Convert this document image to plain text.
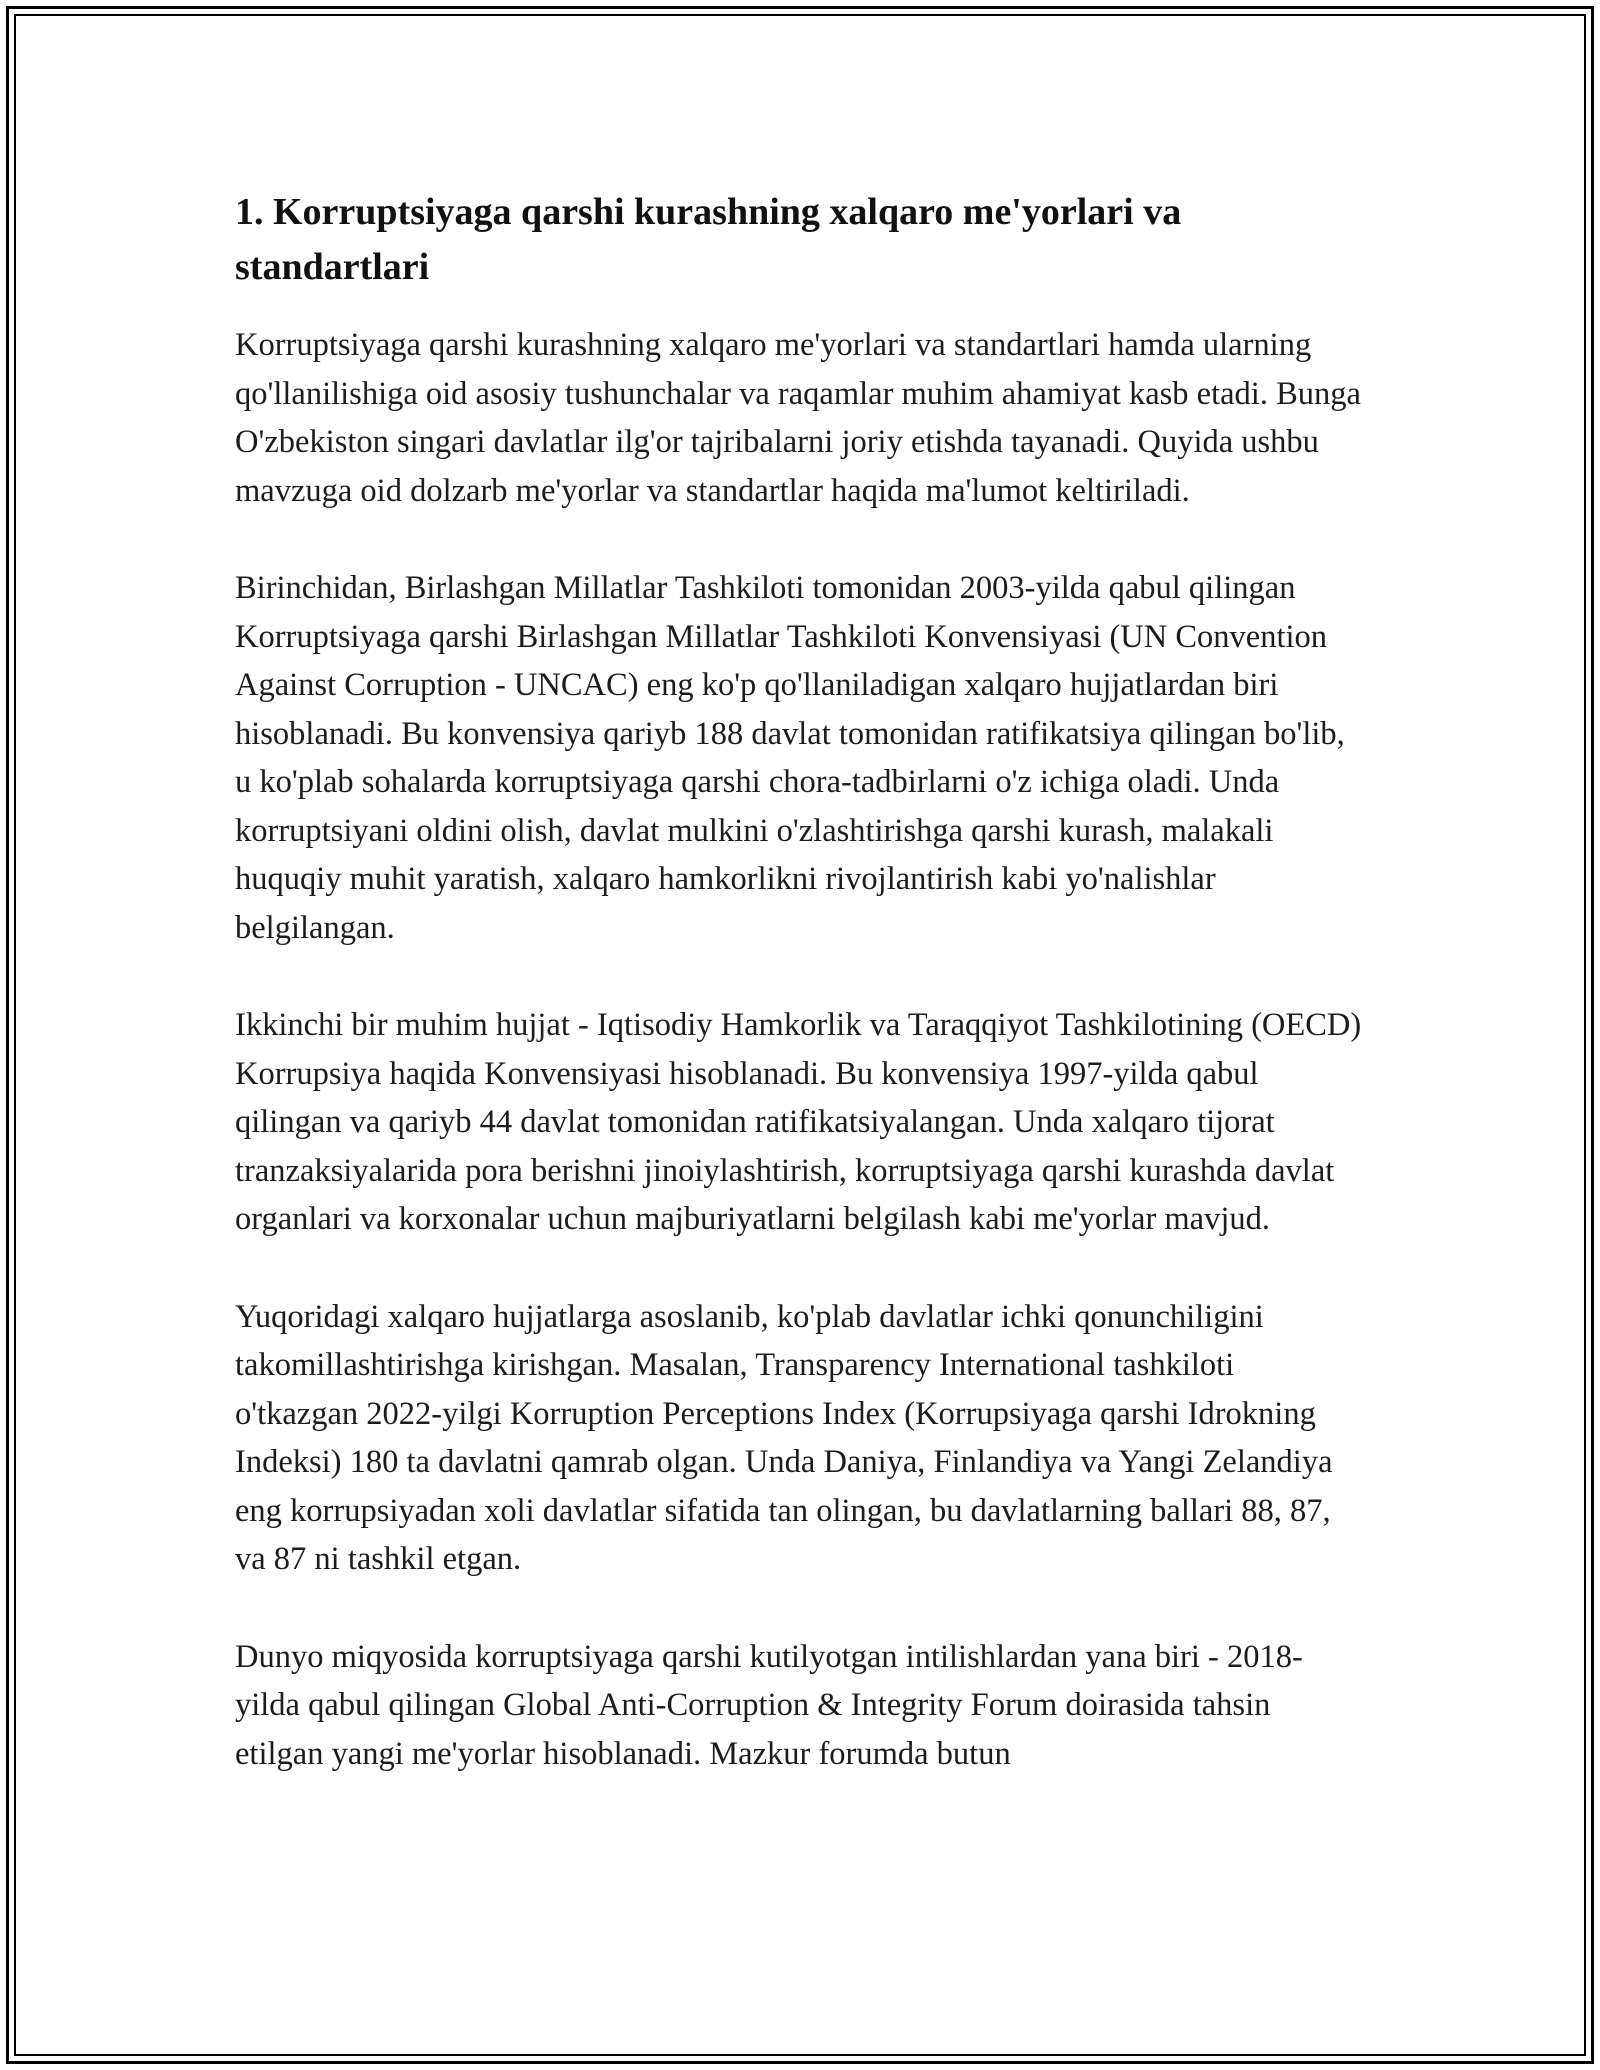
1. Korruptsiyaga qarshi kurashning xalqaro me'yorlari va standartlari

Korruptsiyaga qarshi kurashning xalqaro me'yorlari va standartlari hamda ularning qo'llanilishiga oid asosiy tushunchalar va raqamlar muhim ahamiyat kasb etadi. Bunga O'zbekiston singari davlatlar ilg'or tajribalarni joriy etishda tayanadi. Quyida ushbu mavzuga oid dolzarb me'yorlar va standartlar haqida ma'lumot keltiriladi.

Birinchidan, Birlashgan Millatlar Tashkiloti tomonidan 2003-yilda qabul qilingan Korruptsiyaga qarshi Birlashgan Millatlar Tashkiloti Konvensiyasi (UN Convention Against Corruption - UNCAC) eng ko'p qo'llaniladigan xalqaro hujjatlardan biri hisoblanadi. Bu konvensiya qariyb 188 davlat tomonidan ratifikatsiya qilingan bo'lib, u ko'plab sohalarda korruptsiyaga qarshi chora-tadbirlarni o'z ichiga oladi. Unda korruptsiyani oldini olish, davlat mulkini o'zlashtirishga qarshi kurash, malakali huquqiy muhit yaratish, xalqaro hamkorlikni rivojlantirish kabi yo'nalishlar belgilangan.

Ikkinchi bir muhim hujjat - Iqtisodiy Hamkorlik va Taraqqiyot Tashkilotining (OECD) Korrupsiya haqida Konvensiyasi hisoblanadi. Bu konvensiya 1997-yilda qabul qilingan va qariyb 44 davlat tomonidan ratifikatsiyalangan. Unda xalqaro tijorat tranzaksiyalarida pora berishni jinoiylashtirish, korruptsiyaga qarshi kurashda davlat organlari va korxonalar uchun majburiyatlarni belgilash kabi me'yorlar mavjud.

Yuqoridagi xalqaro hujjatlarga asoslanib, ko'plab davlatlar ichki qonunchiligini takomillashtirishga kirishgan. Masalan, Transparency International tashkiloti o'tkazgan 2022-yilgi Korruption Perceptions Index (Korrupsiyaga qarshi Idrokning Indeksi) 180 ta davlatni qamrab olgan. Unda Daniya, Finlandiya va Yangi Zelandiya eng korrupsiyadan xoli davlatlar sifatida tan olingan, bu davlatlarning ballari 88, 87, va 87 ni tashkil etgan.

Dunyo miqyosida korruptsiyaga qarshi kutilyotgan intilishlardan yana biri - 2018-yilda qabul qilingan Global Anti-Corruption & Integrity Forum doirasida tahsin etilgan yangi me'yorlar hisoblanadi. Mazkur forumda butun
